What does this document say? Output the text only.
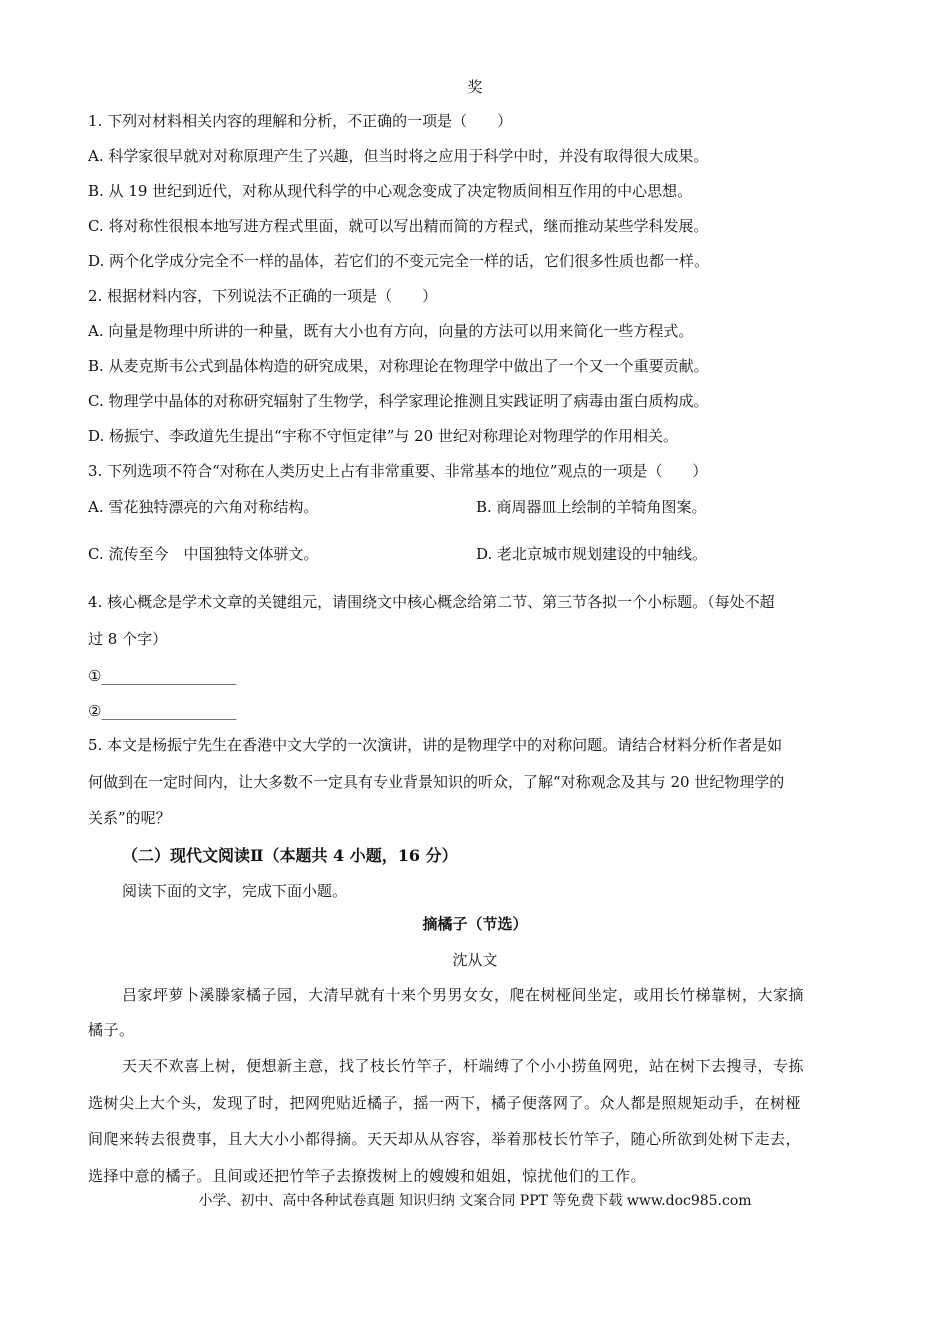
奖
1. 下列对材料相关内容的理解和分析，不正确的一项是（　　）
A. 科学家很早就对对称原理产生了兴趣，但当时将之应用于科学中时，并没有取得很大成果。
B. 从 19 世纪到近代，对称从现代科学的中心观念变成了决定物质间相互作用的中心思想。
C. 将对称性很根本地写进方程式里面，就可以写出精而简的方程式，继而推动某些学科发展。
D. 两个化学成分完全不一样的晶体，若它们的不变元完全一样的话，它们很多性质也都一样。
2. 根据材料内容，下列说法不正确的一项是（　　）
A. 向量是物理中所讲的一种量，既有大小也有方向，向量的方法可以用来简化一些方程式。
B. 从麦克斯韦公式到晶体构造的研究成果，对称理论在物理学中做出了一个又一个重要贡献。
C. 物理学中晶体的对称研究辐射了生物学，科学家理论推测且实践证明了病毒由蛋白质构成。
D. 杨振宁、李政道先生提出“宇称不守恒定律”与 20 世纪对称理论对物理学的作用相关。
3. 下列选项不符合“对称在人类历史上占有非常重要、非常基本的地位”观点的一项是（　　）
A. 雪花独特漂亮的六角对称结构。	B. 商周器皿上绘制的羊犄角图案。
C. 流传至今　中国独特文体骈文。	D. 老北京城市规划建设的中轴线。
4. 核心概念是学术文章的关键组元，请围绕文中核心概念给第二节、第三节各拟一个小标题。（每处不超
过 8 个字）
①__________________
②__________________
5. 本文是杨振宁先生在香港中文大学的一次演讲，讲的是物理学中的对称问题。请结合材料分析作者是如
何做到在一定时间内，让大多数不一定具有专业背景知识的听众，了解“对称观念及其与 20 世纪物理学的
关系”的呢？
（二）现代文阅读Ⅱ（本题共 4 小题，16 分）
阅读下面的文字，完成下面小题。
摘橘子（节选）
沈从文
吕家坪萝卜溪滕家橘子园，大清早就有十来个男男女女，爬在树桠间坐定，或用长竹梯靠树，大家摘
橘子。
天天不欢喜上树，便想新主意，找了枝长竹竿子，杆端缚了个小小捞鱼网兜，站在树下去搜寻，专拣
选树尖上大个头，发现了时，把网兜贴近橘子，摇一两下，橘子便落网了。众人都是照规矩动手，在树桠
间爬来转去很费事，且大大小小都得摘。天天却从从容容，举着那枝长竹竿子，随心所欲到处树下走去，
选择中意的橘子。且间或还把竹竿子去撩拨树上的嫂嫂和姐姐，惊扰他们的工作。
小学、初中、高中各种试卷真题 知识归纳 文案合同 PPT 等免费下载 www.doc985.com
